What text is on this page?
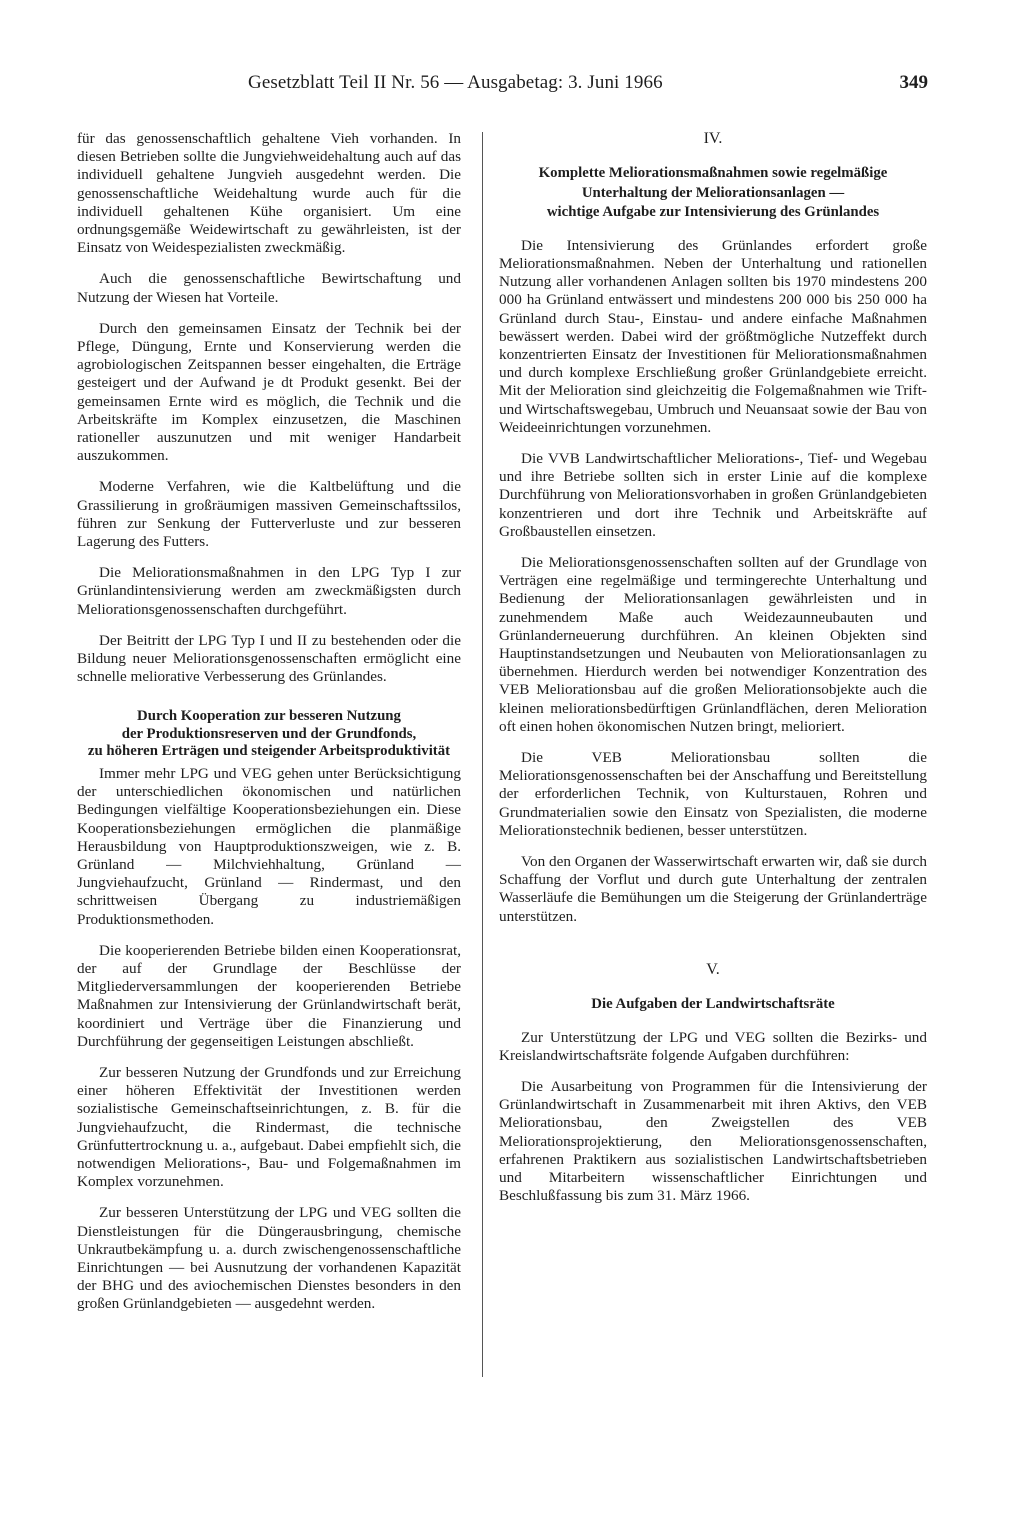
Gesetzblatt Teil II Nr. 56 — Ausgabetag: 3. Juni 1966	349

für das genossenschaftlich gehaltene Vieh vorhanden. In diesen Betrieben sollte die Jungviehweidehaltung auch auf das individuell gehaltene Jungvieh ausgedehnt werden. Die genossenschaftliche Weidehaltung wurde auch für die individuell gehaltenen Kühe organisiert. Um eine ordnungsgemäße Weidewirtschaft zu gewährleisten, ist der Einsatz von Weidespezialisten zweckmäßig.

Auch die genossenschaftliche Bewirtschaftung und Nutzung der Wiesen hat Vorteile.

Durch den gemeinsamen Einsatz der Technik bei der Pflege, Düngung, Ernte und Konservierung werden die agrobiologischen Zeitspannen besser eingehalten, die Erträge gesteigert und der Aufwand je dt Produkt gesenkt. Bei der gemeinsamen Ernte wird es möglich, die Technik und die Arbeitskräfte im Komplex einzusetzen, die Maschinen rationeller auszunutzen und mit weniger Handarbeit auszukommen.

Moderne Verfahren, wie die Kaltbelüftung und die Grassilierung in großräumigen massiven Gemeinschaftssilos, führen zur Senkung der Futterverluste und zur besseren Lagerung des Futters.

Die Meliorationsmaßnahmen in den LPG Typ I zur Grünlandintensivierung werden am zweckmäßigsten durch Meliorationsgenossenschaften durchgeführt.

Der Beitritt der LPG Typ I und II zu bestehenden oder die Bildung neuer Meliorationsgenossenschaften ermöglicht eine schnelle meliorative Verbesserung des Grünlandes.

Durch Kooperation zur besseren Nutzung
der Produktionsreserven und der Grundfonds,
zu höheren Erträgen und steigender Arbeitsproduktivität

Immer mehr LPG und VEG gehen unter Berücksichtigung der unterschiedlichen ökonomischen und natürlichen Bedingungen vielfältige Kooperationsbeziehungen ein. Diese Kooperationsbeziehungen ermöglichen die planmäßige Herausbildung von Hauptproduktionszweigen, wie z. B. Grünland — Milchviehhaltung, Grünland — Jungviehaufzucht, Grünland — Rindermast, und den schrittweisen Übergang zu industriemäßigen Produktionsmethoden.

Die kooperierenden Betriebe bilden einen Kooperationsrat, der auf der Grundlage der Beschlüsse der Mitgliederversammlungen der kooperierenden Betriebe Maßnahmen zur Intensivierung der Grünlandwirtschaft berät, koordiniert und Verträge über die Finanzierung und Durchführung der gegenseitigen Leistungen abschließt.

Zur besseren Nutzung der Grundfonds und zur Erreichung einer höheren Effektivität der Investitionen werden sozialistische Gemeinschaftseinrichtungen, z. B. für die Jungviehaufzucht, die Rindermast, die technische Grünfuttertrocknung u. a., aufgebaut. Dabei empfiehlt sich, die notwendigen Meliorations-, Bau- und Folgemaßnahmen im Komplex vorzunehmen.

Zur besseren Unterstützung der LPG und VEG sollten die Dienstleistungen für die Düngerausbringung, chemische Unkrautbekämpfung u. a. durch zwischengenossenschaftliche Einrichtungen — bei Ausnutzung der vorhandenen Kapazität der BHG und des aviochemischen Dienstes besonders in den großen Grünlandgebieten — ausgedehnt werden.

IV.
Komplette Meliorationsmaßnahmen sowie regelmäßige
Unterhaltung der Meliorationsanlagen —
wichtige Aufgabe zur Intensivierung des Grünlandes

Die Intensivierung des Grünlandes erfordert große Meliorationsmaßnahmen. Neben der Unterhaltung und rationellen Nutzung aller vorhandenen Anlagen sollten bis 1970 mindestens 200 000 ha Grünland entwässert und mindestens 200 000 bis 250 000 ha Grünland durch Stau-, Einstau- und andere einfache Maßnahmen bewässert werden. Dabei wird der größtmögliche Nutzeffekt durch konzentrierten Einsatz der Investitionen für Meliorationsmaßnahmen und durch komplexe Erschließung großer Grünlandgebiete erreicht. Mit der Melioration sind gleichzeitig die Folgemaßnahmen wie Trift- und Wirtschaftswegebau, Umbruch und Neuansaat sowie der Bau von Weideeinrichtungen vorzunehmen.

Die VVB Landwirtschaftlicher Meliorations-, Tief- und Wegebau und ihre Betriebe sollten sich in erster Linie auf die komplexe Durchführung von Meliorationsvorhaben in großen Grünlandgebieten konzentrieren und dort ihre Technik und Arbeitskräfte auf Großbaustellen einsetzen.

Die Meliorationsgenossenschaften sollten auf der Grundlage von Verträgen eine regelmäßige und termingerechte Unterhaltung und Bedienung der Meliorationsanlagen gewährleisten und in zunehmendem Maße auch Weidezaunneubauten und Grünlanderneuerung durchführen. An kleinen Objekten sind Hauptinstandsetzungen und Neubauten von Meliorationsanlagen zu übernehmen. Hierdurch werden bei notwendiger Konzentration des VEB Meliorationsbau auf die großen Meliorationsobjekte auch die kleinen meliorationsbedürftigen Grünlandflächen, deren Melioration oft einen hohen ökonomischen Nutzen bringt, melioriert.

Die VEB Meliorationsbau sollten die Meliorationsgenossenschaften bei der Anschaffung und Bereitstellung der erforderlichen Technik, von Kulturstauen, Rohren und Grundmaterialien sowie den Einsatz von Spezialisten, die moderne Meliorationstechnik bedienen, besser unterstützen.

Von den Organen der Wasserwirtschaft erwarten wir, daß sie durch Schaffung der Vorflut und durch gute Unterhaltung der zentralen Wasserläufe die Bemühungen um die Steigerung der Grünlanderträge unterstützen.

V.
Die Aufgaben der Landwirtschaftsräte

Zur Unterstützung der LPG und VEG sollten die Bezirks- und Kreislandwirtschaftsräte folgende Aufgaben durchführen:

Die Ausarbeitung von Programmen für die Intensivierung der Grünlandwirtschaft in Zusammenarbeit mit ihren Aktivs, den VEB Meliorationsbau, den Zweigstellen des VEB Meliorationsprojektierung, den Meliorationsgenossenschaften, erfahrenen Praktikern aus sozialistischen Landwirtschaftsbetrieben und Mitarbeitern wissenschaftlicher Einrichtungen und Beschlußfassung bis zum 31. März 1966.
